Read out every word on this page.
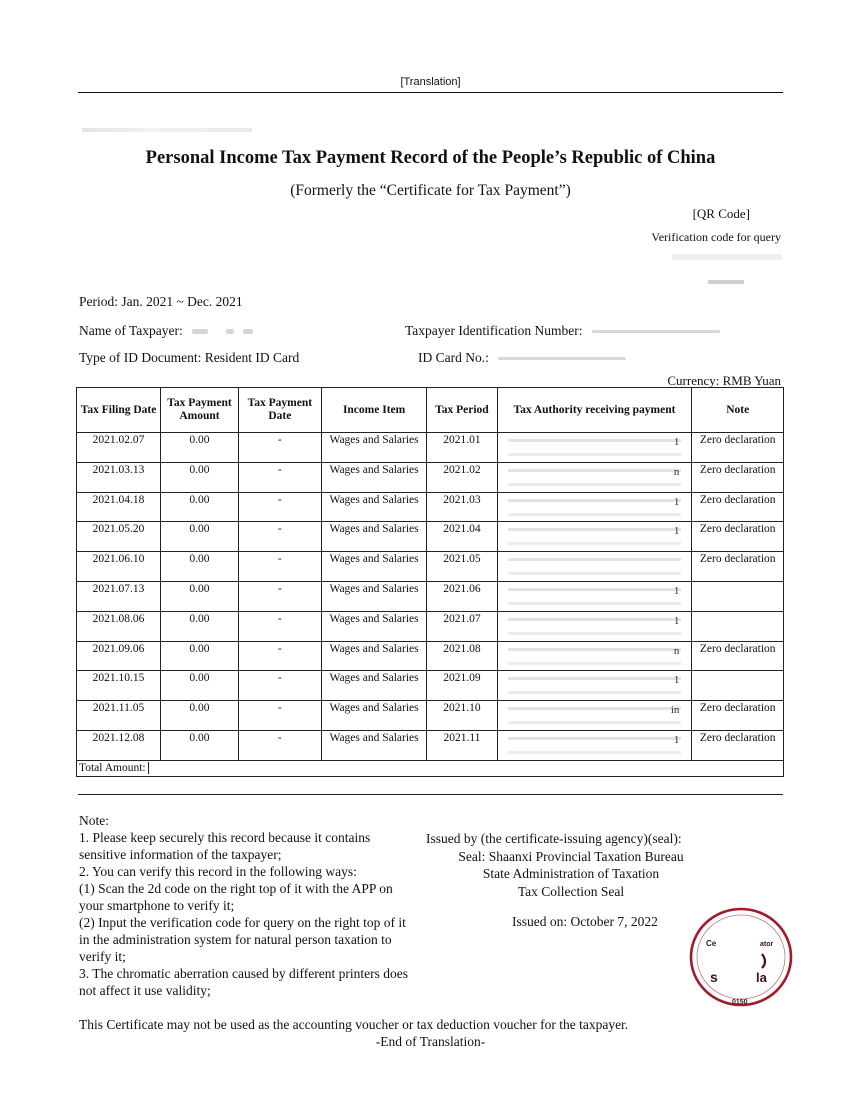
[Translation]
Personal Income Tax Payment Record of the People’s Republic of China
(Formerly the “Certificate for Tax Payment”)
[QR Code]
Verification code for query
Period: Jan. 2021 ~ Dec. 2021
Name of Taxpayer:	Taxpayer Identification Number:
Type of ID Document: Resident ID Card	ID Card No.:
Currency: RMB Yuan
Tax Filing Date	Tax Payment Amount	Tax Payment Date	Income Item	Tax Period	Tax Authority receiving payment	Note
2021.02.07	0.00	-	Wages and Salaries	2021.01	1	Zero declaration
2021.03.13	0.00	-	Wages and Salaries	2021.02	n	Zero declaration
2021.04.18	0.00	-	Wages and Salaries	2021.03	1	Zero declaration
2021.05.20	0.00	-	Wages and Salaries	2021.04	1	Zero declaration
2021.06.10	0.00	-	Wages and Salaries	2021.05		Zero declaration
2021.07.13	0.00	-	Wages and Salaries	2021.06	1	

2021.08.06	0.00	-	Wages and Salaries	2021.07	1	

2021.09.06	0.00	-	Wages and Salaries	2021.08	n	Zero declaration
2021.10.15	0.00	-	Wages and Salaries	2021.09	1	

2021.11.05	0.00	-	Wages and Salaries	2021.10	in	Zero declaration
2021.12.08	0.00	-	Wages and Salaries	2021.11	1	Zero declaration
Total Amount:						
Note:
1. Please keep securely this record because it contains sensitive information of the taxpayer;
2. You can verify this record in the following ways:
(1) Scan the 2d code on the right top of it with the APP on your smartphone to verify it;
(2) Input the verification code for query on the right top of it in the administration system for natural person taxation to verify it;
3. The chromatic aberration caused by different printers does not affect it use validity;
Issued by (the certificate-issuing agency)(seal):
Seal: Shaanxi Provincial Taxation Bureau
State Administration of Taxation
Tax Collection Seal
Issued on: October 7, 2022
Ce	ator
s	la
0150
This Certificate may not be used as the accounting voucher or tax deduction voucher for the taxpayer.
-End of Translation-
